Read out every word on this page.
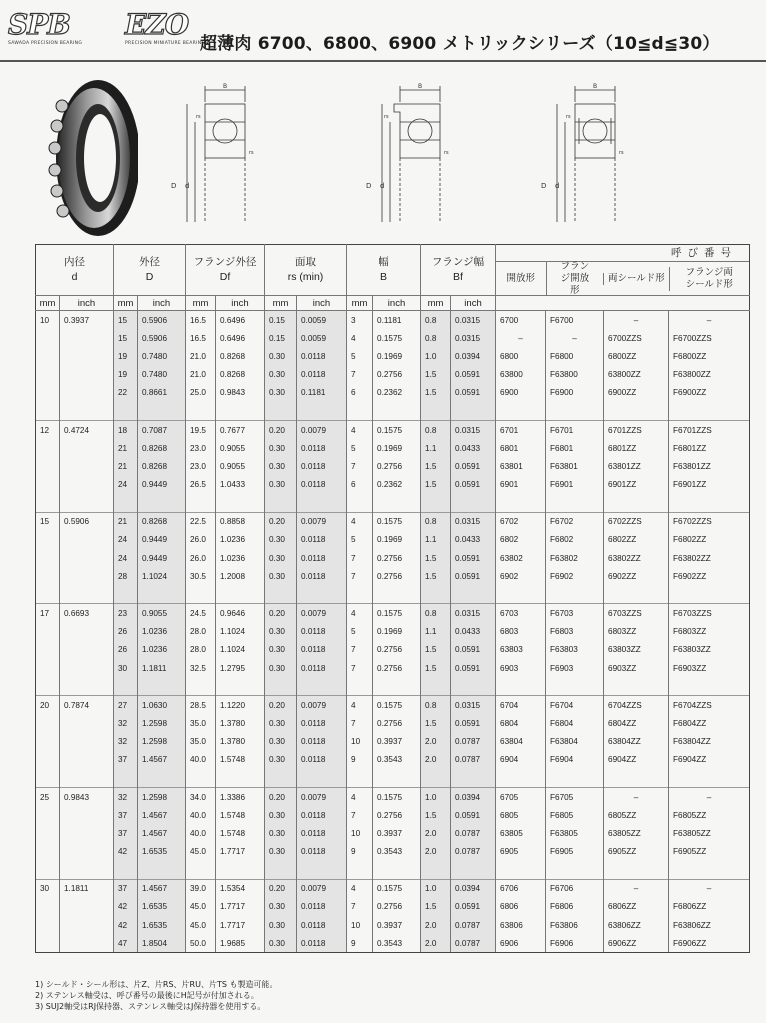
SPB
SAWADA PRECISION BEARING
EZO
PRECISION MINIATURE BEARINGS
超薄肉 6700、6800、6900 メトリックシリーズ（10≦d≦30）
B
rs
rs
D d
B
rs
rs
D d
B
rs
rs
D d
内径
d		外径
D		フランジ外径
Df		面取
rs (min)		幅
B		フランジ幅
Bf		呼び番号
開放形
フランジ開放形
両シールド形
フランジ両シールド形			

mm	inch	mm	inch	mm	inch	mm	inch	mm	inch	mm	inch				
10	0.3937	15	0.5906	16.5	0.6496	0.15	0.0059	3	0.1181	0.8	0.0315	6700	F6700	–	–
		15	0.5906	16.5	0.6496	0.15	0.0059	4	0.1575	0.8	0.0315	–	–	6700ZZS	F6700ZZS
		19	0.7480	21.0	0.8268	0.30	0.0118	5	0.1969	1.0	0.0394	6800	F6800	6800ZZ	F6800ZZ
		19	0.7480	21.0	0.8268	0.30	0.0118	7	0.2756	1.5	0.0591	63800	F63800	63800ZZ	F63800ZZ
		22	0.8661	25.0	0.9843	0.30	0.1181	6	0.2362	1.5	0.0591	6900	F6900	6900ZZ	F6900ZZ

12	0.4724	18	0.7087	19.5	0.7677	0.20	0.0079	4	0.1575	0.8	0.0315	6701	F6701	6701ZZS	F6701ZZS
		21	0.8268	23.0	0.9055	0.30	0.0118	5	0.1969	1.1	0.0433	6801	F6801	6801ZZ	F6801ZZ
		21	0.8268	23.0	0.9055	0.30	0.0118	7	0.2756	1.5	0.0591	63801	F63801	63801ZZ	F63801ZZ
		24	0.9449	26.5	1.0433	0.30	0.0118	6	0.2362	1.5	0.0591	6901	F6901	6901ZZ	F6901ZZ

15	0.5906	21	0.8268	22.5	0.8858	0.20	0.0079	4	0.1575	0.8	0.0315	6702	F6702	6702ZZS	F6702ZZS
		24	0.9449	26.0	1.0236	0.30	0.0118	5	0.1969	1.1	0.0433	6802	F6802	6802ZZ	F6802ZZ
		24	0.9449	26.0	1.0236	0.30	0.0118	7	0.2756	1.5	0.0591	63802	F63802	63802ZZ	F63802ZZ
		28	1.1024	30.5	1.2008	0.30	0.0118	7	0.2756	1.5	0.0591	6902	F6902	6902ZZ	F6902ZZ

17	0.6693	23	0.9055	24.5	0.9646	0.20	0.0079	4	0.1575	0.8	0.0315	6703	F6703	6703ZZS	F6703ZZS
		26	1.0236	28.0	1.1024	0.30	0.0118	5	0.1969	1.1	0.0433	6803	F6803	6803ZZ	F6803ZZ
		26	1.0236	28.0	1.1024	0.30	0.0118	7	0.2756	1.5	0.0591	63803	F63803	63803ZZ	F63803ZZ
		30	1.1811	32.5	1.2795	0.30	0.0118	7	0.2756	1.5	0.0591	6903	F6903	6903ZZ	F6903ZZ

20	0.7874	27	1.0630	28.5	1.1220	0.20	0.0079	4	0.1575	0.8	0.0315	6704	F6704	6704ZZS	F6704ZZS
		32	1.2598	35.0	1.3780	0.30	0.0118	7	0.2756	1.5	0.0591	6804	F6804	6804ZZ	F6804ZZ
		32	1.2598	35.0	1.3780	0.30	0.0118	10	0.3937	2.0	0.0787	63804	F63804	63804ZZ	F63804ZZ
		37	1.4567	40.0	1.5748	0.30	0.0118	9	0.3543	2.0	0.0787	6904	F6904	6904ZZ	F6904ZZ

25	0.9843	32	1.2598	34.0	1.3386	0.20	0.0079	4	0.1575	1.0	0.0394	6705	F6705	–	–
		37	1.4567	40.0	1.5748	0.30	0.0118	7	0.2756	1.5	0.0591	6805	F6805	6805ZZ	F6805ZZ
		37	1.4567	40.0	1.5748	0.30	0.0118	10	0.3937	2.0	0.0787	63805	F63805	63805ZZ	F63805ZZ
		42	1.6535	45.0	1.7717	0.30	0.0118	9	0.3543	2.0	0.0787	6905	F6905	6905ZZ	F6905ZZ

30	1.1811	37	1.4567	39.0	1.5354	0.20	0.0079	4	0.1575	1.0	0.0394	6706	F6706	–	–
		42	1.6535	45.0	1.7717	0.30	0.0118	7	0.2756	1.5	0.0591	6806	F6806	6806ZZ	F6806ZZ
		42	1.6535	45.0	1.7717	0.30	0.0118	10	0.3937	2.0	0.0787	63806	F63806	63806ZZ	F63806ZZ
		47	1.8504	50.0	1.9685	0.30	0.0118	9	0.3543	2.0	0.0787	6906	F6906	6906ZZ	F6906ZZ
1) シールド・シール形は、片Z、片RS、片RU、片TS も製造可能。
2) ステンレス軸受は、呼び番号の最後にH記号が付加される。
3) SUJ2軸受はRJ保持器、ステンレス軸受はJ保持器を使用する。
